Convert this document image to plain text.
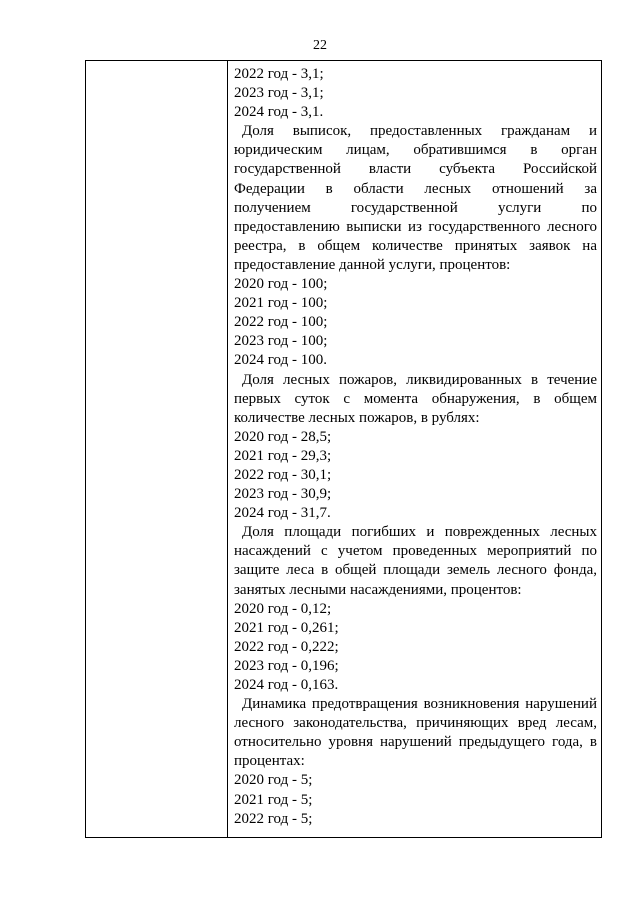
22
2022 год - 3,1;
2023 год - 3,1;
2024 год - 3,1.
Доля выписок, предоставленных гражданам и
юридическим лицам, обратившимся в орган
государственной власти субъекта Российской
Федерации в области лесных отношений за
получением государственной услуги по
предоставлению выписки из государственного лесного
реестра, в общем количестве принятых заявок на
предоставление данной услуги, процентов:
2020 год - 100;
2021 год - 100;
2022 год - 100;
2023 год - 100;
2024 год - 100.
Доля лесных пожаров, ликвидированных в течение
первых суток с момента обнаружения, в общем
количестве лесных пожаров, в рублях:
2020 год - 28,5;
2021 год - 29,3;
2022 год - 30,1;
2023 год - 30,9;
2024 год - 31,7.
Доля площади погибших и поврежденных лесных
насаждений с учетом проведенных мероприятий по
защите леса в общей площади земель лесного фонда,
занятых лесными насаждениями, процентов:
2020 год - 0,12;
2021 год - 0,261;
2022 год - 0,222;
2023 год - 0,196;
2024 год - 0,163.
Динамика предотвращения возникновения нарушений
лесного законодательства, причиняющих вред лесам,
относительно уровня нарушений предыдущего года, в
процентах:
2020 год - 5;
2021 год - 5;
2022 год - 5;
